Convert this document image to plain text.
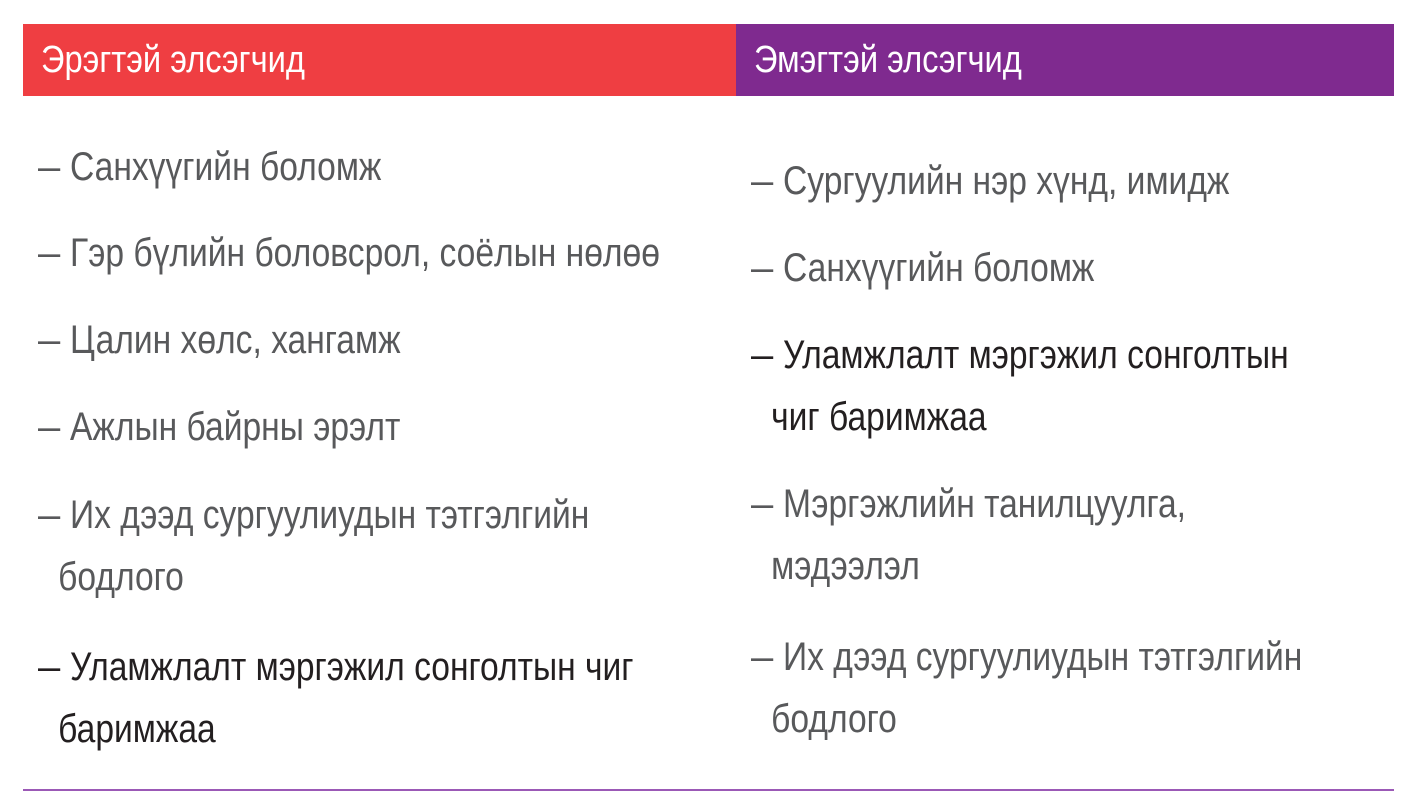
Эрэгтэй элсэгчид
– Санхүүгийн боломж
– Гэр бүлийн боловсрол, соёлын нөлөө
– Цалин хөлс, хангамж
– Ажлын байрны эрэлт
– Их дээд сургуулиудын тэтгэлгийн
бодлого
– Уламжлалт мэргэжил сонголтын чиг
баримжаа
Эмэгтэй элсэгчид
– Сургуулийн нэр хүнд, имидж
– Санхүүгийн боломж
– Уламжлалт мэргэжил сонголтын
чиг баримжаа
– Мэргэжлийн танилцуулга,
мэдээлэл
– Их дээд сургуулиудын тэтгэлгийн
бодлого
